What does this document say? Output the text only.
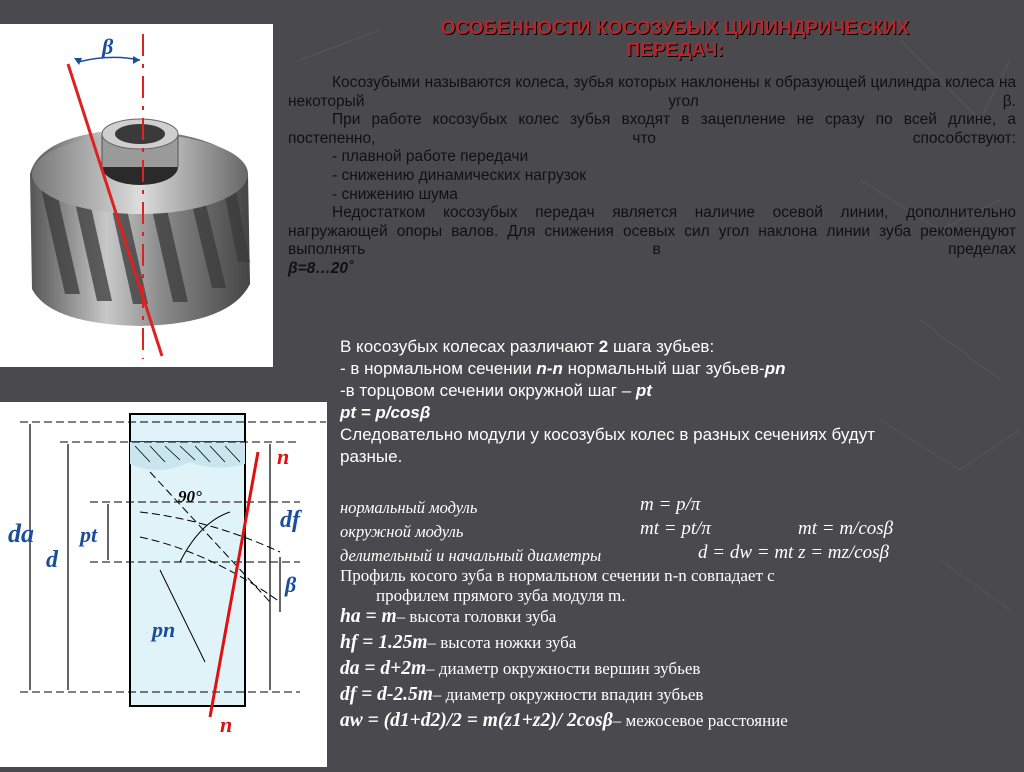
β
da
d
pt
pn
df
90°
β
n
n
ОСОБЕННОСТИ КОСОЗУБЫХ ЦИЛИНДРИЧЕСКИХ
ПЕРЕДАЧ:
Косозубыми называются колеса, зубья которых наклонены к образующей цилиндра колеса на некоторый угол β.
При работе косозубых колес зубья входят в зацепление не сразу по всей длине, а постепенно, что способствуют:
- плавной работе передачи
- снижению динамических нагрузок
- снижению шума
Недостатком косозубых передач является наличие осевой линии, дополнительно нагружающей опоры валов. Для снижения осевых сил угол наклона линии зуба рекомендуют выполнять в пределах
β=8…20˚
В косозубых колесах различают 2 шага зубьев:
- в нормальном сечении n-n нормальный шаг зубьев-pn
-в торцовом сечении окружной шаг – pt
pt = p/cosβ
Следовательно модули у косозубых колес в разных сечениях будут разные.
нормальный модуль	m = p/π
окружной модуль	mt = pt/π	mt = m/cosβ
делительный и начальный диаметры	d = dw = mt z = mz/cosβ
Профиль косого зуба в нормальном сечении n-n совпадает с
профилем прямого зуба модуля m.
ha = m– высота головки зуба
hf = 1.25m– высота ножки зуба
da = d+2m– диаметр окружности вершин зубьев
df = d-2.5m– диаметр окружности впадин зубьев
aw = (d1+d2)/2 = m(z1+z2)/ 2cosβ– межосевое расстояние
